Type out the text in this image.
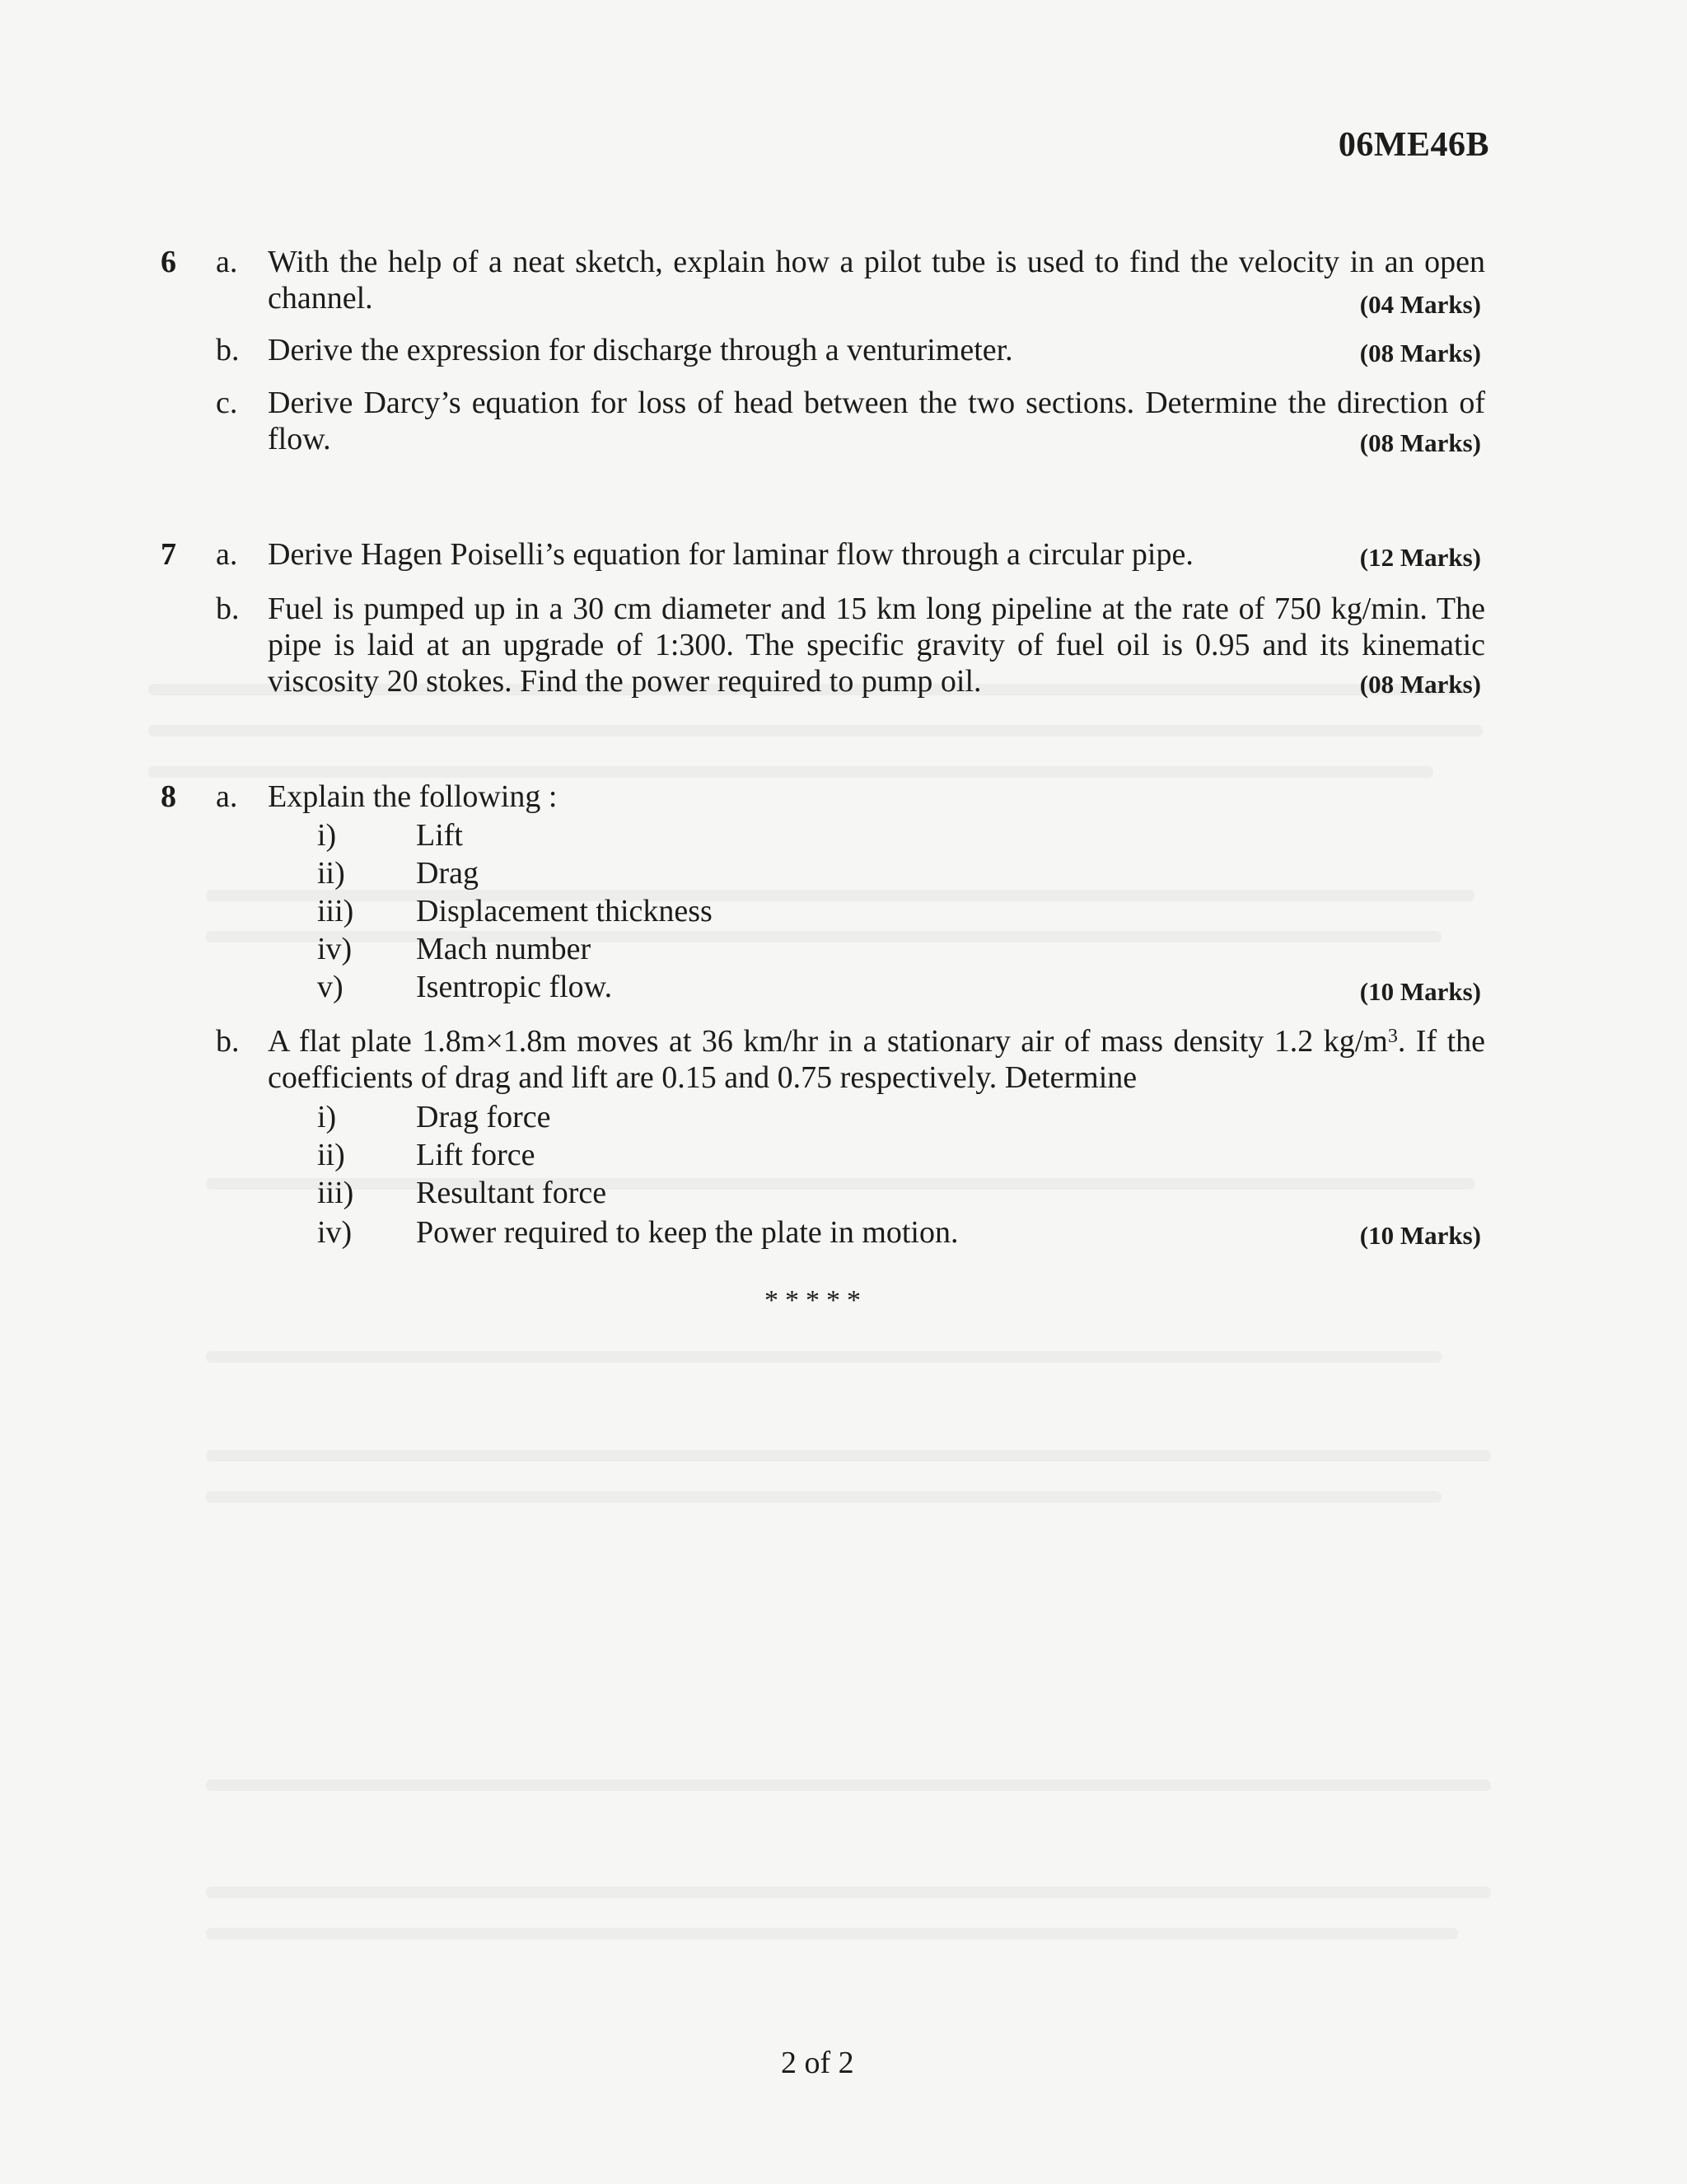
06ME46B
6 a. With the help of a neat sketch, explain how a pilot tube is used to find the velocity in an open channel.	(04 Marks)
b. Derive the expression for discharge through a venturimeter.	(08 Marks)
c. Derive Darcy’s equation for loss of head between the two sections. Determine the direction of flow.	(08 Marks)
7 a. Derive Hagen Poiselli’s equation for laminar flow through a circular pipe.	(12 Marks)
b. Fuel is pumped up in a 30 cm diameter and 15 km long pipeline at the rate of 750 kg/min. The pipe is laid at an upgrade of 1:300. The specific gravity of fuel oil is 0.95 and its kinematic viscosity 20 stokes. Find the power required to pump oil.	(08 Marks)
8 a. Explain the following :
i)	Lift
ii) Drag
iii) Displacement thickness
iv) Mach number
v) Isentropic flow.	(10 Marks)
b. A flat plate 1.8m×1.8m moves at 36 km/hr in a stationary air of mass density 1.2 $kg/m^3$. If the coefficients of drag and lift are 0.15 and 0.75 respectively. Determine
i)	Drag force
ii) Lift force
iii) Resultant force
iv) Power required to keep the plate in motion.	(10 Marks)
*****
2 of 2
